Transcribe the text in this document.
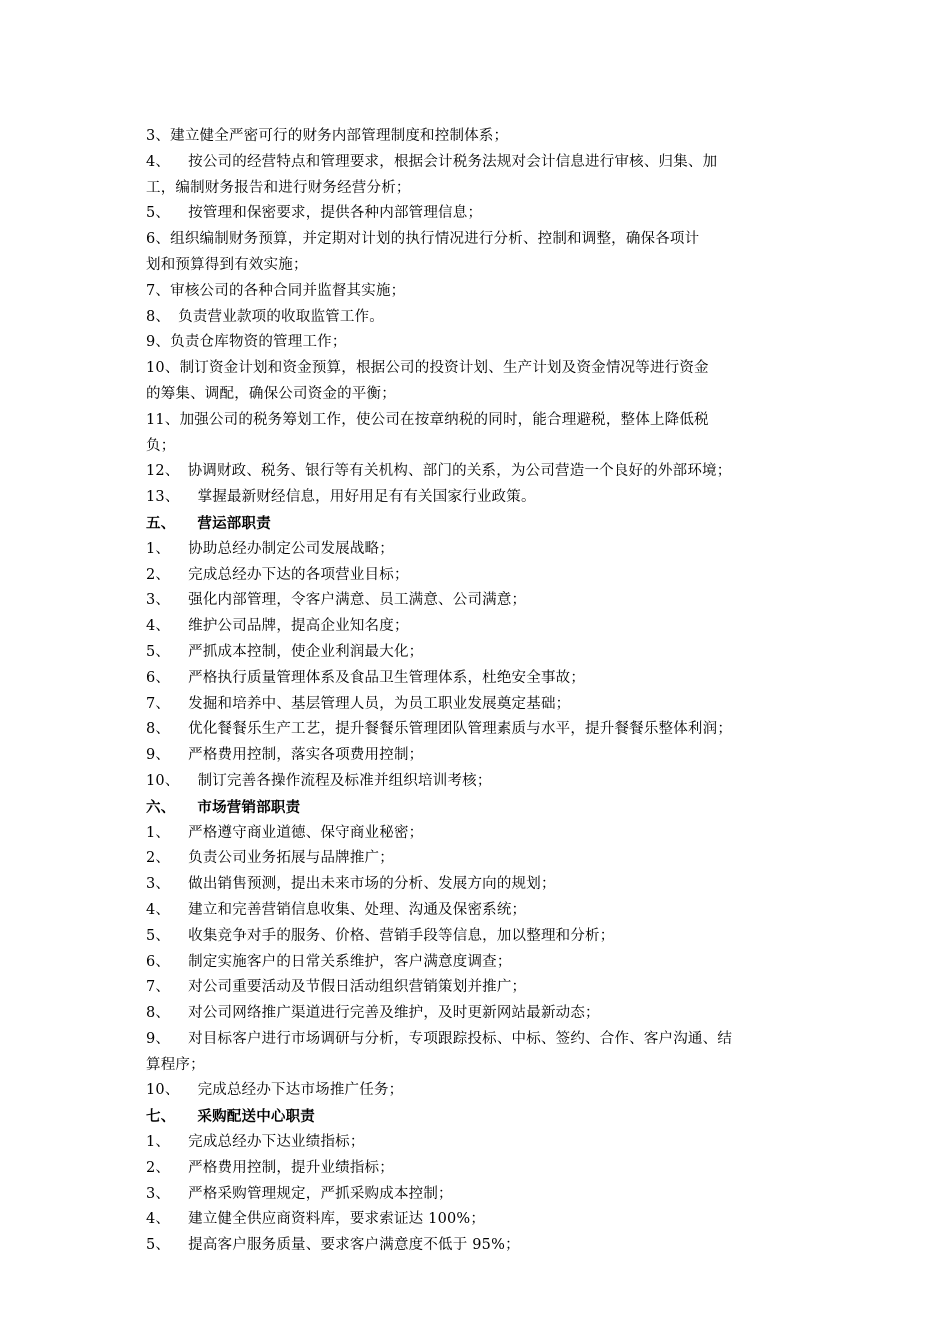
3、建立健全严密可行的财务内部管理制度和控制体系；
4、 按公司的经营特点和管理要求，根据会计税务法规对会计信息进行审核、归集、加
工，编制财务报告和进行财务经营分析；
5、 按管理和保密要求，提供各种内部管理信息；
6、组织编制财务预算，并定期对计划的执行情况进行分析、控制和调整，确保各项计
划和预算得到有效实施；
7、审核公司的各种合同并监督其实施；
8、 负责营业款项的收取监管工作。
9、负责仓库物资的管理工作；
10、制订资金计划和资金预算，根据公司的投资计划、生产计划及资金情况等进行资金
的筹集、调配，确保公司资金的平衡；
11、加强公司的税务筹划工作，使公司在按章纳税的同时，能合理避税，整体上降低税
负；
12、 协调财政、税务、银行等有关机构、部门的关系，为公司营造一个良好的外部环境；
13、 掌握最新财经信息，用好用足有有关国家行业政策。
五、 营运部职责
1、 协助总经办制定公司发展战略；
2、 完成总经办下达的各项营业目标；
3、 强化内部管理，令客户满意、员工满意、公司满意；
4、 维护公司品牌，提高企业知名度；
5、 严抓成本控制，使企业利润最大化；
6、 严格执行质量管理体系及食品卫生管理体系，杜绝安全事故；
7、 发掘和培养中、基层管理人员，为员工职业发展奠定基础；
8、 优化餐餐乐生产工艺，提升餐餐乐管理团队管理素质与水平，提升餐餐乐整体利润；
9、 严格费用控制，落实各项费用控制；
10、 制订完善各操作流程及标准并组织培训考核；
六、 市场营销部职责
1、 严格遵守商业道德、保守商业秘密；
2、 负责公司业务拓展与品牌推广；
3、 做出销售预测，提出未来市场的分析、发展方向的规划；
4、 建立和完善营销信息收集、处理、沟通及保密系统；
5、 收集竞争对手的服务、价格、营销手段等信息，加以整理和分析；
6、 制定实施客户的日常关系维护，客户满意度调查；
7、 对公司重要活动及节假日活动组织营销策划并推广；
8、 对公司网络推广渠道进行完善及维护，及时更新网站最新动态；
9、 对目标客户进行市场调研与分析，专项跟踪投标、中标、签约、合作、客户沟通、结
算程序；
10、 完成总经办下达市场推广任务；
七、 采购配送中心职责
1、 完成总经办下达业绩指标；
2、 严格费用控制，提升业绩指标；
3、 严格采购管理规定，严抓采购成本控制；
4、 建立健全供应商资料库，要求索证达 100%；
5、 提高客户服务质量、要求客户满意度不低于 95%；
